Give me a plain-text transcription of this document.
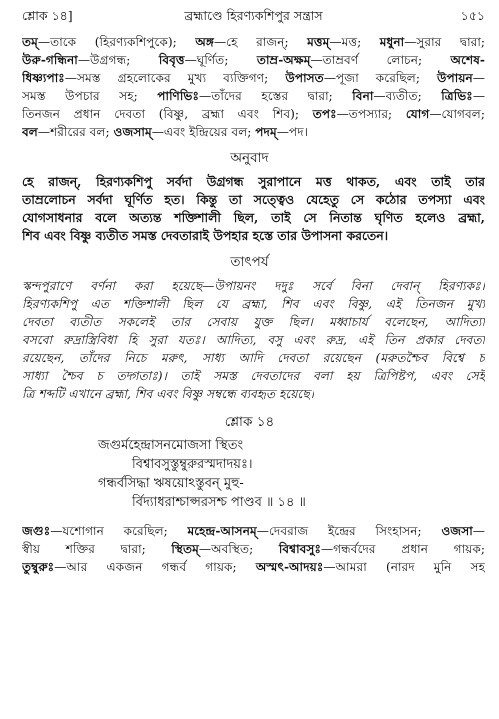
শ্লোক ১৪]	ব্রহ্মাণ্ডে হিরণ্যকশিপুর সন্ত্রাস	১৫১
তম্—তাকে (হিরণ্যকশিপুকে); অঙ্গ—হে রাজন্; মত্তম্—মত্ত; মধুনা—সুরার দ্বারা;
উরু-গন্ধিনা—উগ্রগন্ধ; বিবৃত্ত—ঘূর্ণিত; তাম্র-অক্ষম্—তাম্রবর্ণ লোচন; অশেষ-
ধিষ্ণ্যপাঃ—সমস্ত গ্রহলোকের মুখ্য ব্যক্তিগণ; উপাসত—পূজা করেছিল; উপায়ন—
সমস্ত উপচার সহ; পাণিভিঃ—তাঁদের হস্তের দ্বারা; বিনা—ব্যতীত; ত্রিভিঃ—
তিনজন প্রধান দেবতা (বিষ্ণু, ব্রহ্মা এবং শিব); তপঃ—তপস্যার; যোগ—যোগবল;
বল—শরীরের বল; ওজসাম্—এবং ইন্দ্রিয়ের বল; পদম্—পদ।
অনুবাদ
হে রাজন্, হিরণ্যকশিপু সর্বদা উগ্রগন্ধ সুরাপানে মত্ত থাকত, এবং তাই তার
তাম্রলোচন সর্বদা ঘূর্ণিত হত। কিন্তু তা সত্ত্বেও যেহেতু সে কঠোর তপস্যা এবং
যোগসাধনার বলে অত্যন্ত শক্তিশালী ছিল, তাই সে নিতান্ত ঘৃণিত হলেও ব্রহ্মা,
শিব এবং বিষ্ণু ব্যতীত সমস্ত দেবতারাই উপহার হস্তে তার উপাসনা করতেন।
তাৎপর্য
স্কন্দপুরাণে বর্ণনা করা হয়েছে—উপায়নং দদুঃ সর্বে বিনা দেবান্ হিরণ্যকঃ।
হিরণ্যকশিপু এত শক্তিশালী ছিল যে ব্রহ্মা, শিব এবং বিষ্ণু, এই তিনজন মুখ্য
দেবতা ব্যতীত সকলেই তার সেবায় যুক্ত ছিল। মধ্বাচার্য বলেছেন, আদিত্যা
বসবো রুদ্রাস্ত্রিবিধা হি সুরা যতঃ। আদিত্য, বসু এবং রুদ্র, এই তিন প্রকার দেবতা
রয়েছেন, তাঁদের নিচে মরুৎ, সাধ্য আদি দেবতা রয়েছেন (মরুতশ্চৈব বিশ্বে চ
সাধ্যা শ্চৈব চ তদ্গতাঃ)। তাই সমস্ত দেবতাদের বলা হয় ত্রিপিষ্টপ, এবং সেই
ত্রি শব্দটি এখানে ব্রহ্মা, শিব এবং বিষ্ণু সম্বন্ধে ব্যবহৃত হয়েছে।
শ্লোক ১৪
জগুর্মহেন্দ্রাসনমোজসা স্থিতং
বিশ্বাবসুস্তুম্বুরুরস্মদাদয়ঃ।
গন্ধর্বসিদ্ধা ঋষয়োঽস্তুবন্ মুহু-
র্বিদ্যাধরাশ্চাপ্সরসশ্চ পাণ্ডব ॥ ১৪ ॥
জগুঃ—যশোগান করেছিল; মহেন্দ্র-আসনম্—দেবরাজ ইন্দ্রের সিংহাসন; ওজসা—
স্বীয় শক্তির দ্বারা; স্থিতম্—অবস্থিত; বিশ্বাবসুঃ—গন্ধর্বদের প্রধান গায়ক;
তুম্বুরুঃ—আর একজন গন্ধর্ব গায়ক; অস্মৎ-আদয়ঃ—আমরা (নারদ মুনি সহ
